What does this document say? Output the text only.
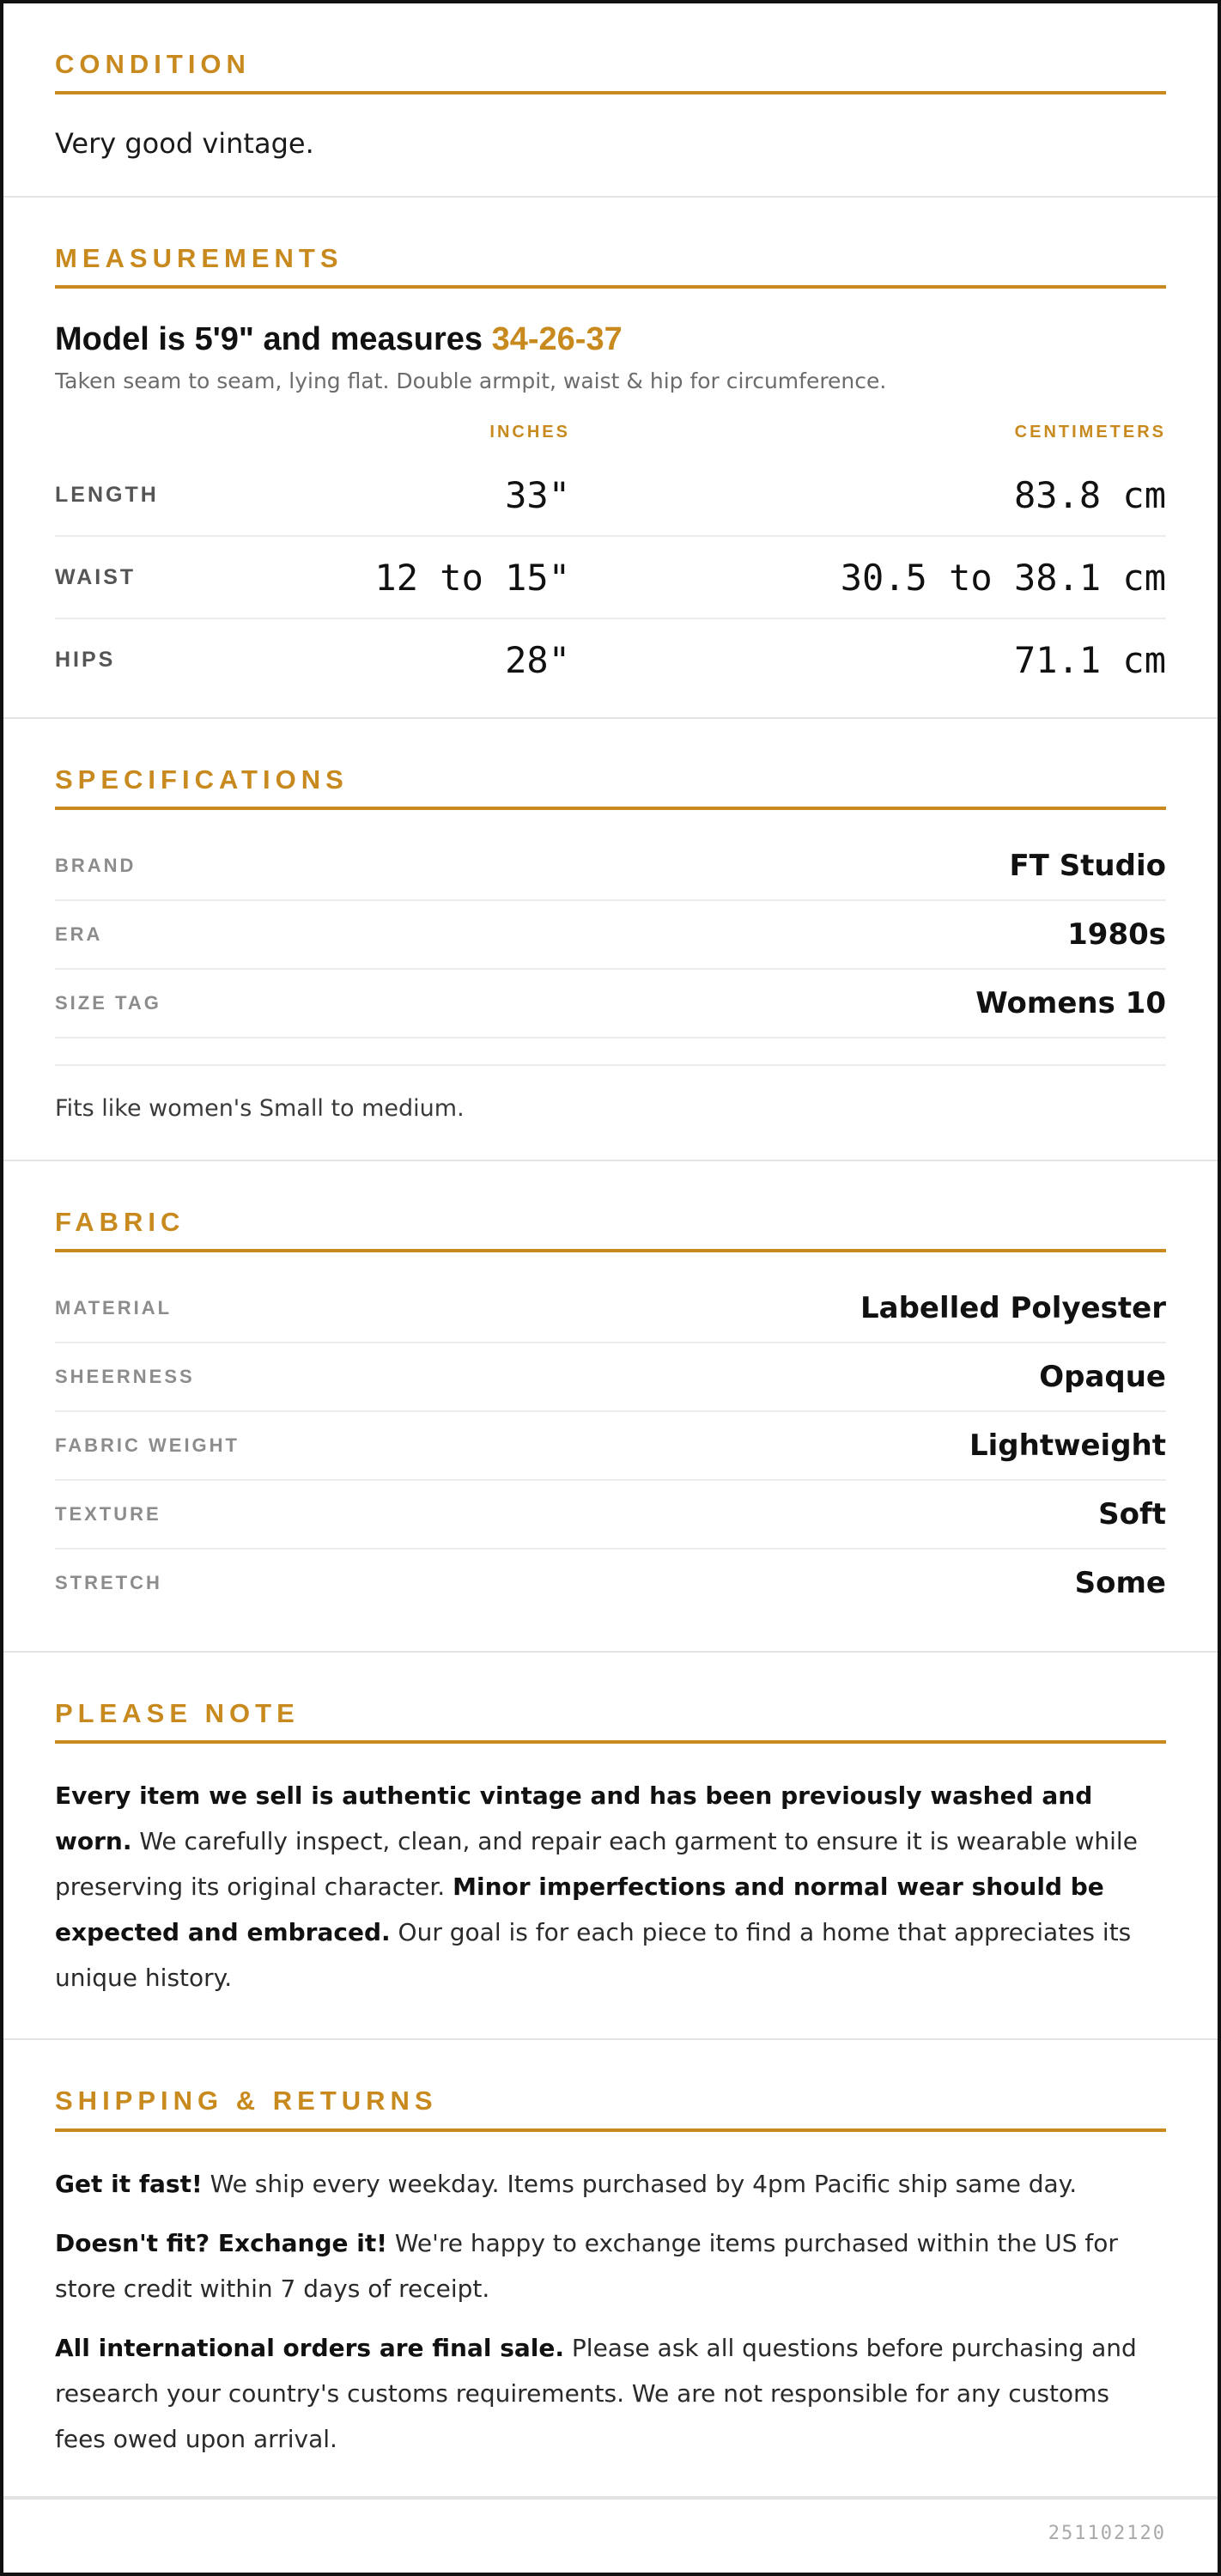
CONDITION
Very good vintage.
MEASUREMENTS
Model is 5'9" and measures 34-26-37
Taken seam to seam, lying flat. Double armpit, waist & hip for circumference.
INCHES	CENTIMETERS
LENGTH	33"	83.8 cm
WAIST	12 to 15"	30.5 to 38.1 cm
HIPS	28"	71.1 cm
SPECIFICATIONS
BRAND	FT Studio
ERA	1980s
SIZE TAG	Womens 10
Fits like women's Small to medium.
FABRIC
MATERIAL	Labelled Polyester
SHEERNESS	Opaque
FABRIC WEIGHT	Lightweight
TEXTURE	Soft
STRETCH	Some
PLEASE NOTE
Every item we sell is authentic vintage and has been previously washed and worn. We carefully inspect, clean, and repair each garment to ensure it is wearable while preserving its original character. Minor imperfections and normal wear should be expected and embraced. Our goal is for each piece to find a home that appreciates its unique history.
SHIPPING & RETURNS
Get it fast! We ship every weekday. Items purchased by 4pm Pacific ship same day.
Doesn't fit? Exchange it! We're happy to exchange items purchased within the US for store credit within 7 days of receipt.
All international orders are final sale. Please ask all questions before purchasing and research your country's customs requirements. We are not responsible for any customs fees owed upon arrival.
251102120
